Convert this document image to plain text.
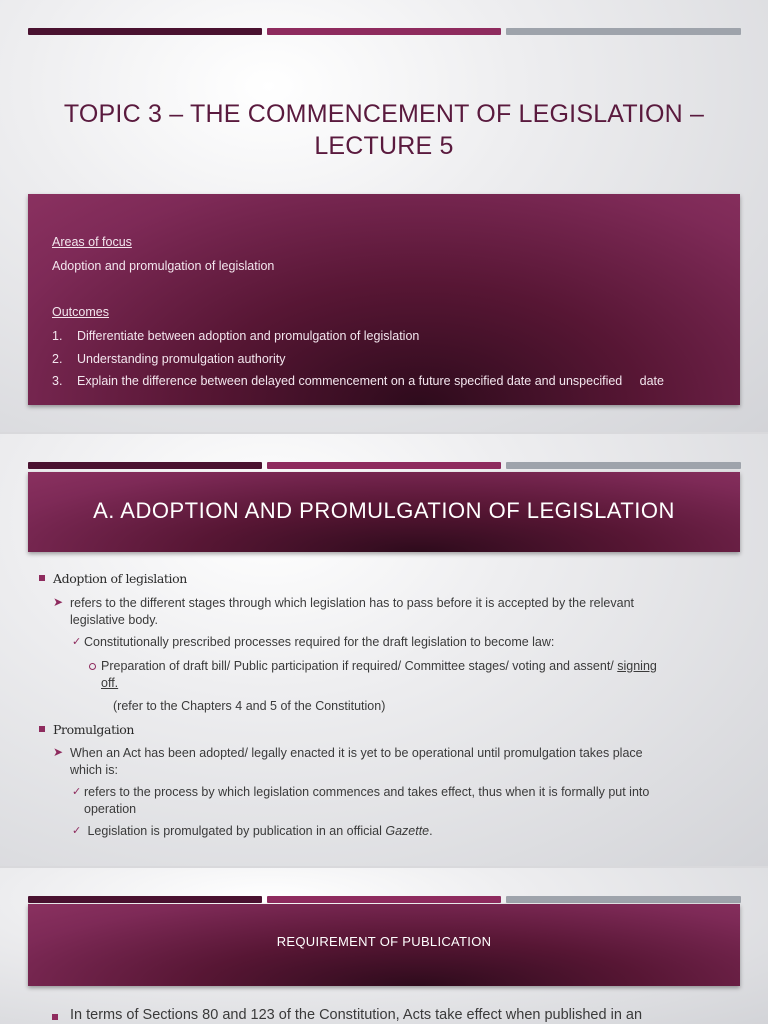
TOPIC 3 – THE COMMENCEMENT OF LEGISLATION –
LECTURE 5
Areas of focus
Adoption and promulgation of legislation
Outcomes
1. Differentiate between adoption and promulgation of legislation
2. Understanding promulgation authority
3. Explain the difference between delayed commencement on a future specified date and unspecified     date
A. ADOPTION AND PROMULGATION OF LEGISLATION
Adoption of legislation
➤ refers to the different stages through which legislation has to pass before it is accepted by the relevant
legislative body.
✓ Constitutionally prescribed processes required for the draft legislation to become law:
Preparation of draft bill/ Public participation if required/ Committee stages/ voting and assent/ signing
off.
(refer to the Chapters 4 and 5 of the Constitution)
Promulgation
➤ When an Act has been adopted/ legally enacted it is yet to be operational until promulgation takes place
which is:
✓ refers to the process by which legislation commences and takes effect, thus when it is formally put into
operation
✓ Legislation is promulgated by publication in an official Gazette.
REQUIREMENT OF PUBLICATION
In terms of Sections 80 and 123 of the Constitution, Acts take effect when published in an
